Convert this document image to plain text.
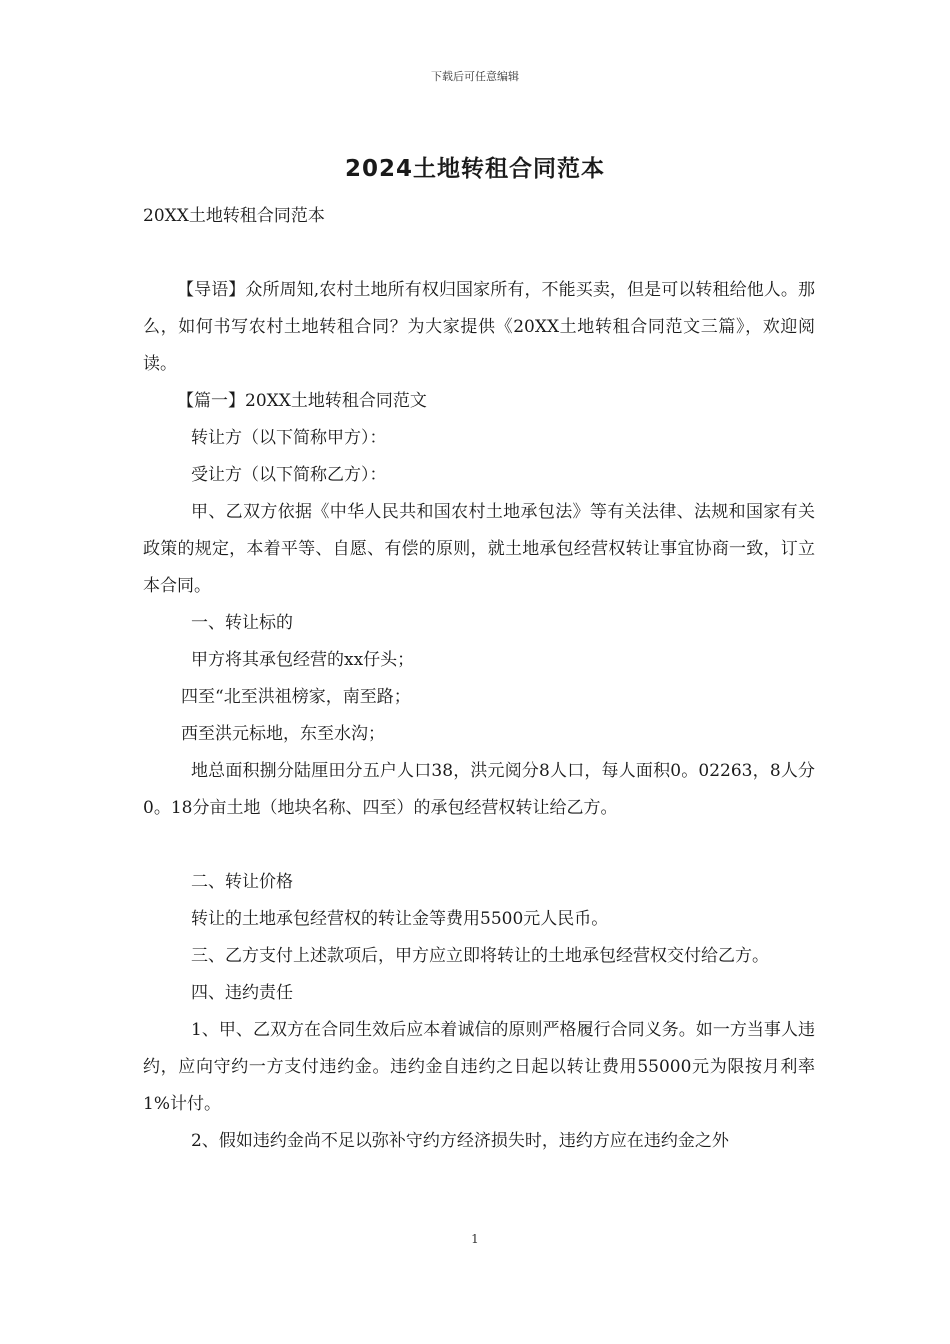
下载后可任意编辑
2024土地转租合同范本

20XX土地转租合同范本

【导语】众所周知,农村土地所有权归国家所有，不能买卖，但是可以转租给他人。那么，如何书写农村土地转租合同？为大家提供《20XX土地转租合同范文三篇》，欢迎阅读。

【篇一】20XX土地转租合同范文

转让方（以下简称甲方）：

受让方（以下简称乙方）：

甲、乙双方依据《中华人民共和国农村土地承包法》等有关法律、法规和国家有关政策的规定，本着平等、自愿、有偿的原则，就土地承包经营权转让事宜协商一致，订立本合同。

一、转让标的

甲方将其承包经营的xx仔头；

四至“北至洪祖榜家，南至路；

西至洪元标地，东至水沟；

地总面积捌分陆厘田分五户人口38，洪元阅分8人口，每人面积0。02263，8人分0。18分亩土地（地块名称、四至）的承包经营权转让给乙方。

二、转让价格

转让的土地承包经营权的转让金等费用5500元人民币。

三、乙方支付上述款项后，甲方应立即将转让的土地承包经营权交付给乙方。

四、违约责任

1、甲、乙双方在合同生效后应本着诚信的原则严格履行合同义务。如一方当事人违约，应向守约一方支付违约金。违约金自违约之日起以转让费用55000元为限按月利率1%计付。

2、假如违约金尚不足以弥补守约方经济损失时，违约方应在违约金之外

1
